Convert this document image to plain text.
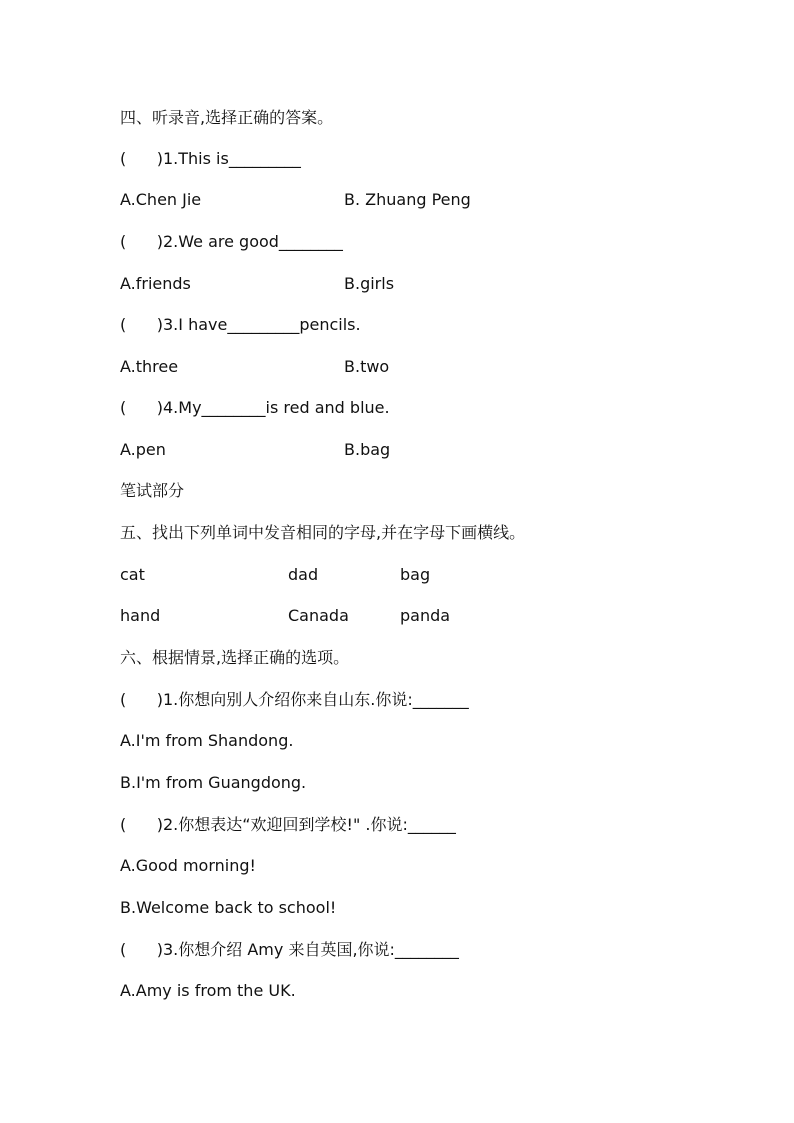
四、听录音,选择正确的答案。
(      )1.This is_________
A.Chen Jie	B. Zhuang Peng
(      )2.We are good________
A.friends	B.girls
(      )3.I have_________pencils.
A.three	B.two
(      )4.My________is red and blue.
A.pen	B.bag
笔试部分
五、找出下列单词中发音相同的字母,并在字母下画横线。
cat	dad	bag
hand	Canada	panda
六、根据情景,选择正确的选项。
(      )1.你想向别人介绍你来自山东.你说:_______
A.I'm from Shandong.
B.I'm from Guangdong.
(      )2.你想表达“欢迎回到学校!" .你说:______
A.Good morning!
B.Welcome back to school!
(      )3.你想介绍 Amy 来自英国,你说:________
A.Amy is from the UK.
